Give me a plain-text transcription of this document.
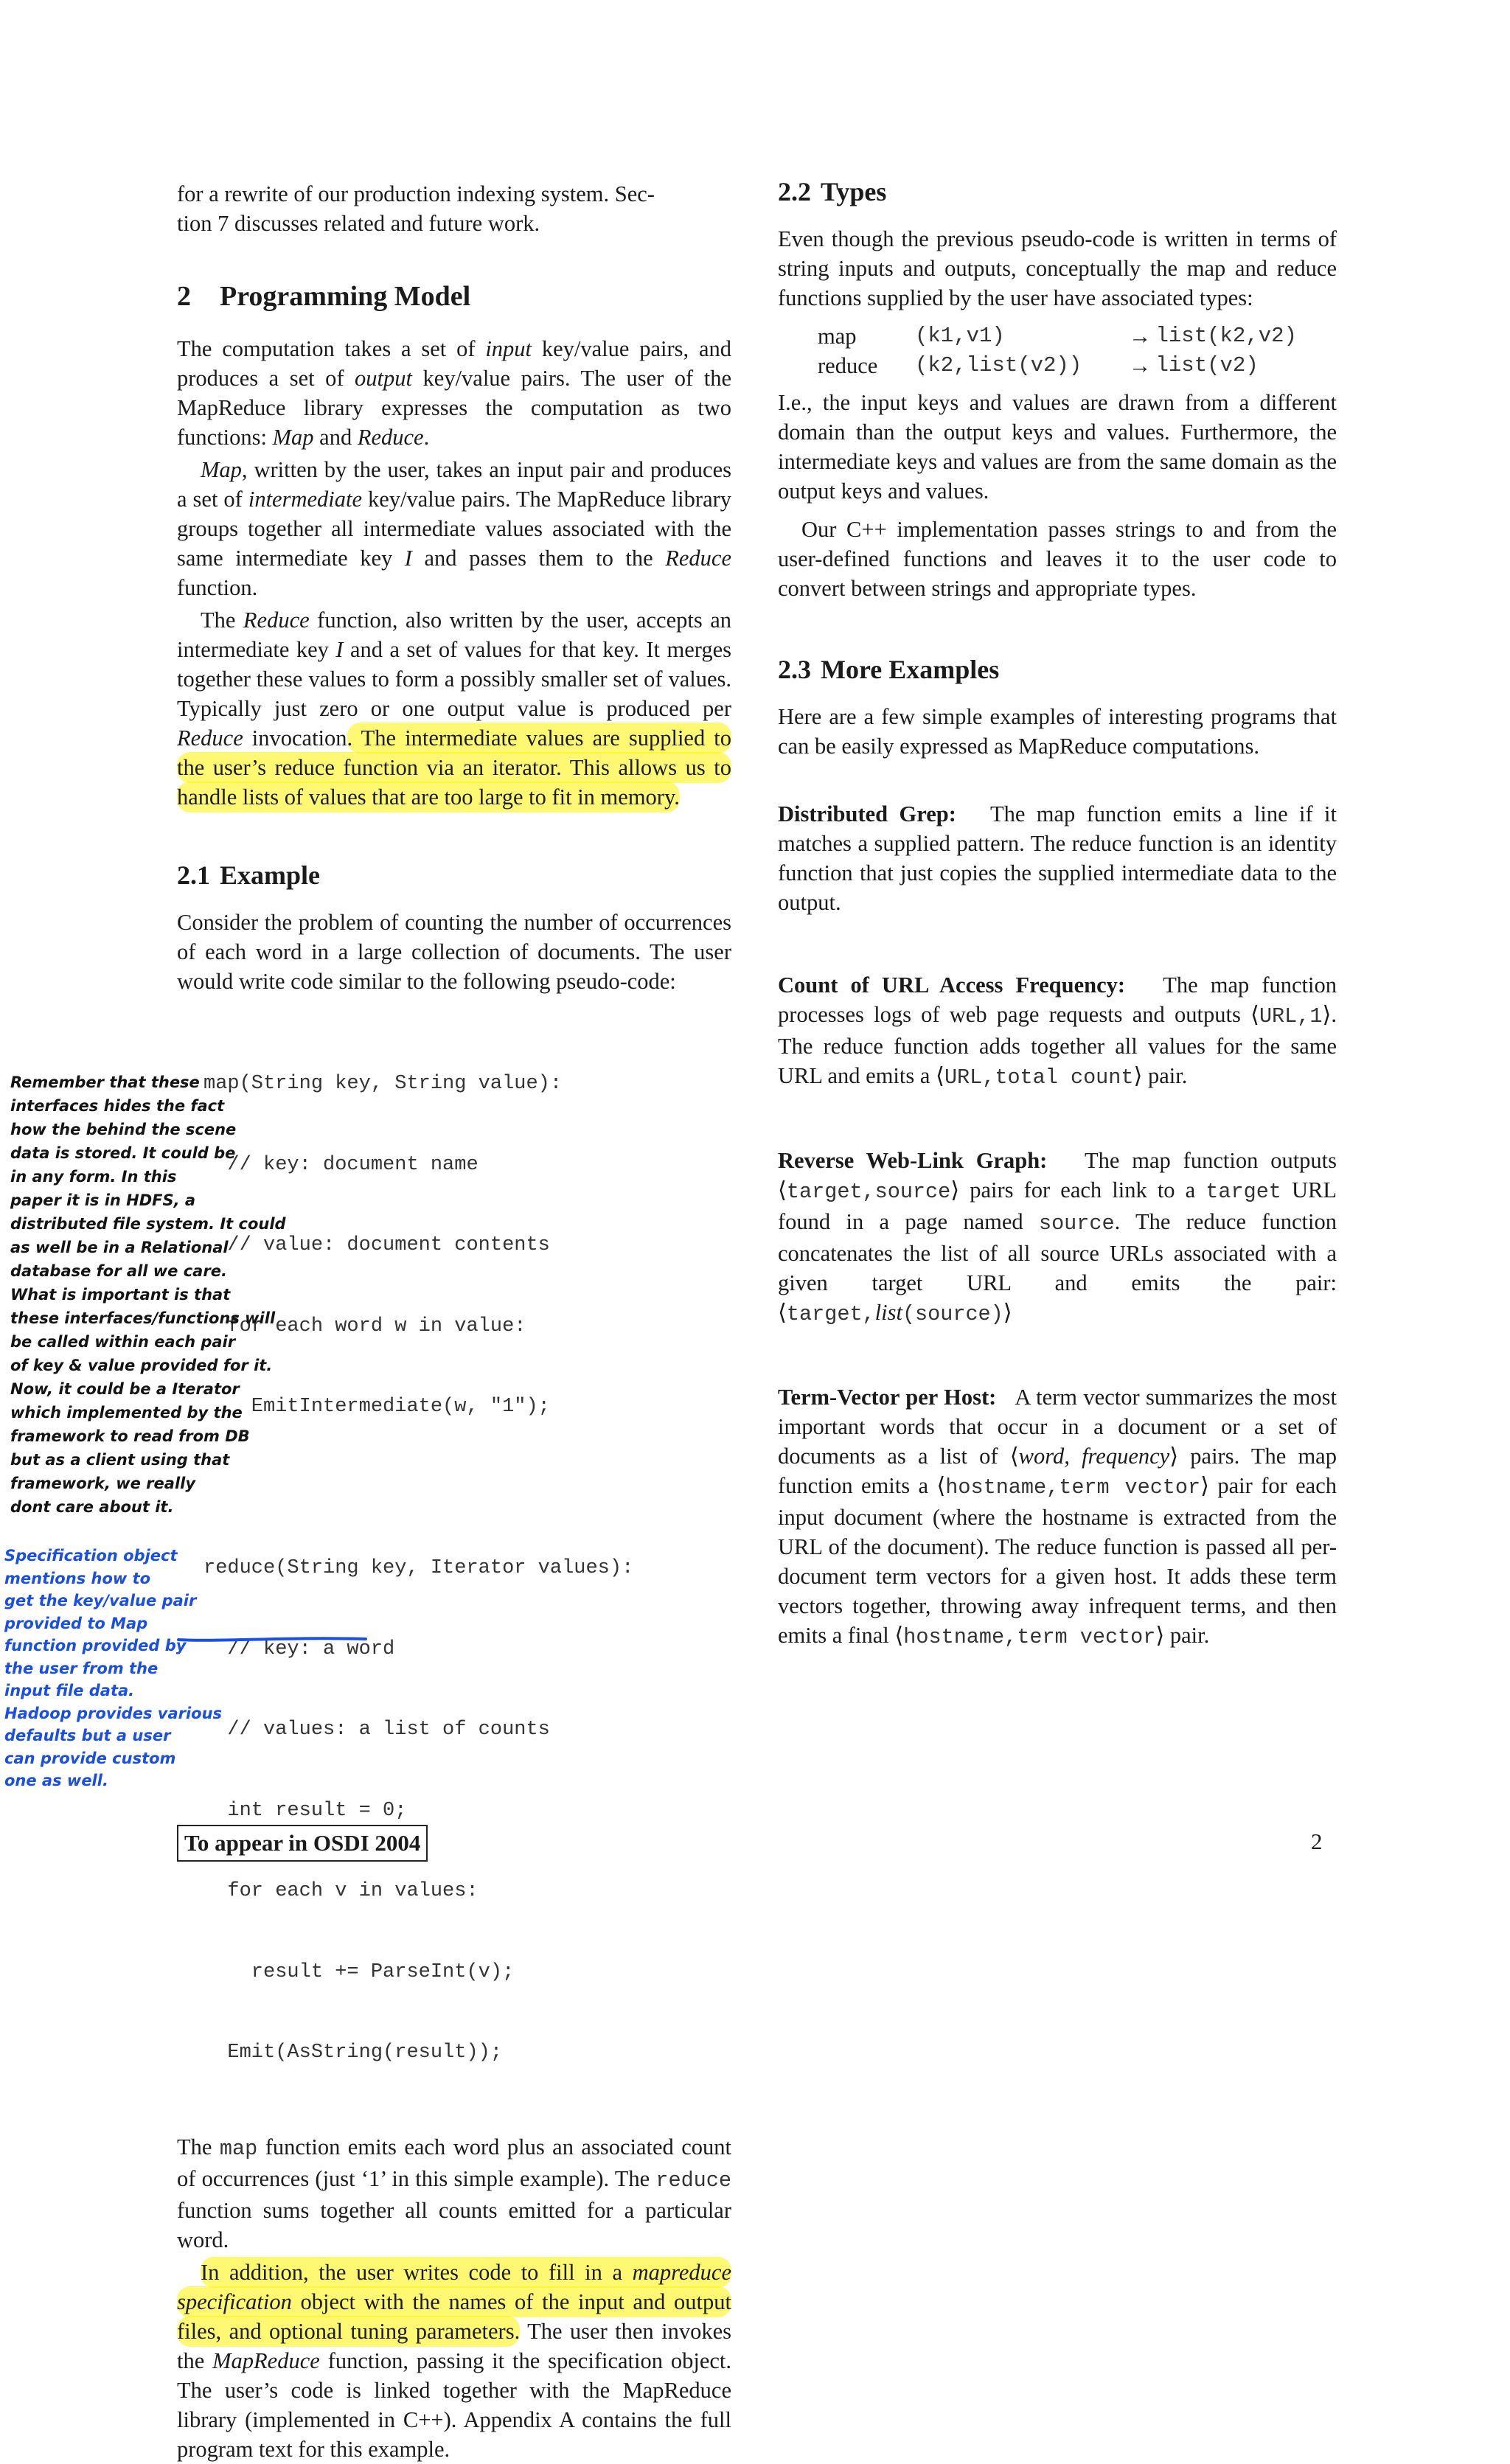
for a rewrite of our production indexing system. Sec-
tion 7 discusses related and future work.

2 Programming Model

The computation takes a set of input key/value pairs, and produces a set of output key/value pairs. The user of the MapReduce library expresses the computation as two functions: Map and Reduce.

Map, written by the user, takes an input pair and produces a set of intermediate key/value pairs. The MapReduce library groups together all intermediate values associated with the same intermediate key I and passes them to the Reduce function.

The Reduce function, also written by the user, accepts an intermediate key I and a set of values for that key. It merges together these values to form a possibly smaller set of values. Typically just zero or one output value is produced per Reduce invocation. The intermediate values are supplied to the user’s reduce function via an iterator. This allows us to handle lists of values that are too large to fit in memory.

2.1 Example

Consider the problem of counting the number of occurrences of each word in a large collection of documents. The user would write code similar to the following pseudo-code:

map(String key, String value):

// key: document name

// value: document contents

for each word w in value:

EmitIntermediate(w, "1");

reduce(String key, Iterator values):

// key: a word

// values: a list of counts

int result = 0;

for each v in values:

result += ParseInt(v);

Emit(AsString(result));

The map function emits each word plus an associated count of occurrences (just ‘1’ in this simple example). The reduce function sums together all counts emitted for a particular word.

In addition, the user writes code to fill in a mapreduce specification object with the names of the input and output files, and optional tuning parameters. The user then invokes the MapReduce function, passing it the specification object. The user’s code is linked together with the MapReduce library (implemented in C++). Appendix A contains the full program text for this example.

2.2 Types

Even though the previous pseudo-code is written in terms of string inputs and outputs, conceptually the map and reduce functions supplied by the user have associated types:

map	(k1,v1)	→ list(k2,v2)
reduce	(k2,list(v2))	→ list(v2)

I.e., the input keys and values are drawn from a different domain than the output keys and values. Furthermore, the intermediate keys and values are from the same domain as the output keys and values.

Our C++ implementation passes strings to and from the user-defined functions and leaves it to the user code to convert between strings and appropriate types.

2.3 More Examples

Here are a few simple examples of interesting programs that can be easily expressed as MapReduce computations.

Distributed Grep: The map function emits a line if it matches a supplied pattern. The reduce function is an identity function that just copies the supplied intermediate data to the output.

Count of URL Access Frequency: The map function processes logs of web page requests and outputs ⟨URL,1⟩. The reduce function adds together all values for the same URL and emits a ⟨URL,total count⟩ pair.

Reverse Web-Link Graph: The map function outputs ⟨target,source⟩ pairs for each link to a target URL found in a page named source. The reduce function concatenates the list of all source URLs associated with a given target URL and emits the pair: ⟨target,list(source)⟩

Term-Vector per Host: A term vector summarizes the most important words that occur in a document or a set of documents as a list of ⟨word, frequency⟩ pairs. The map function emits a ⟨hostname,term vector⟩ pair for each input document (where the hostname is extracted from the URL of the document). The reduce function is passed all per-document term vectors for a given host. It adds these term vectors together, throwing away infrequent terms, and then emits a final ⟨hostname,term vector⟩ pair.

To appear in OSDI 2004	2
Remember that these
interfaces hides the fact
how the behind the scene
data is stored. It could be
in any form. In this
paper it is in HDFS, a
distributed file system. It could
as well be in a Relational
database for all we care.
What is important is that
these interfaces/functions will
be called within each pair
of key & value provided for it.
Now, it could be a Iterator
which implemented by the
framework to read from DB
but as a client using that
framework, we really
dont care about it.
Specification object
mentions how to
get the key/value pair
provided to Map
function provided by
the user from the
input file data.
Hadoop provides various
defaults but a user
can provide custom
one as well.
